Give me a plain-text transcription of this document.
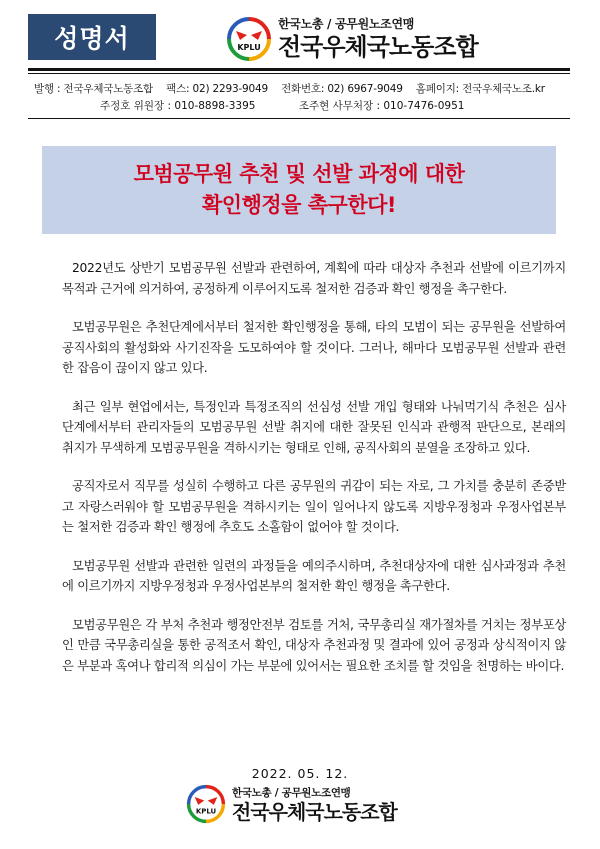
성명서	KPLU
한국노총 / 공무원노조연맹
전국우체국노동조합
발행 : 전국우체국노동조합 팩스: 02) 2293-9049 전화번호: 02) 6967-9049 홈페이지: 전국우체국노조.kr
주정호 위원장 : 010-8898-3395	조주현 사무처장 : 010-7476-0951
모범공무원 추천 및 선발 과정에 대한
확인행정을 촉구한다!

2022년도 상반기 모범공무원 선발과 관련하여, 계획에 따라 대상자 추천과 선발에 이르기까지 목적과 근거에 의거하여, 공정하게 이루어지도록 철저한 검증과 확인 행정을 촉구한다.

모범공무원은 추천단계에서부터 철저한 확인행정을 통해, 타의 모범이 되는 공무원을 선발하여 공직사회의 활성화와 사기진작을 도모하여야 할 것이다. 그러나, 해마다 모범공무원 선발과 관련한 잡음이 끊이지 않고 있다.

최근 일부 현업에서는, 특정인과 특정조직의 선심성 선발 개입 형태와 나눠먹기식 추천은 심사단계에서부터 관리자들의 모범공무원 선발 취지에 대한 잘못된 인식과 관행적 판단으로, 본래의 취지가 무색하게 모범공무원을 격하시키는 형태로 인해, 공직사회의 분열을 조장하고 있다.

공직자로서 직무를 성실히 수행하고 다른 공무원의 귀감이 되는 자로, 그 가치를 충분히 존중받고 자랑스러워야 할 모범공무원을 격하시키는 일이 일어나지 않도록 지방우정청과 우정사업본부는 철저한 검증과 확인 행정에 추호도 소홀함이 없어야 할 것이다.

모범공무원 선발과 관련한 일련의 과정들을 예의주시하며, 추천대상자에 대한 심사과정과 추천에 이르기까지 지방우정청과 우정사업본부의 철저한 확인 행정을 촉구한다.

모범공무원은 각 부처 추천과 행정안전부 검토를 거처, 국무총리실 재가절차를 거치는 정부포상인 만큼 국무총리실을 통한 공적조서 확인, 대상자 추천과정 및 결과에 있어 공정과 상식적이지 않은 부분과 혹여나 합리적 의심이 가는 부분에 있어서는 필요한 조치를 할 것임을 천명하는 바이다.

2022. 05. 12.
KPLU
한국노총 / 공무원노조연맹
전국우체국노동조합
